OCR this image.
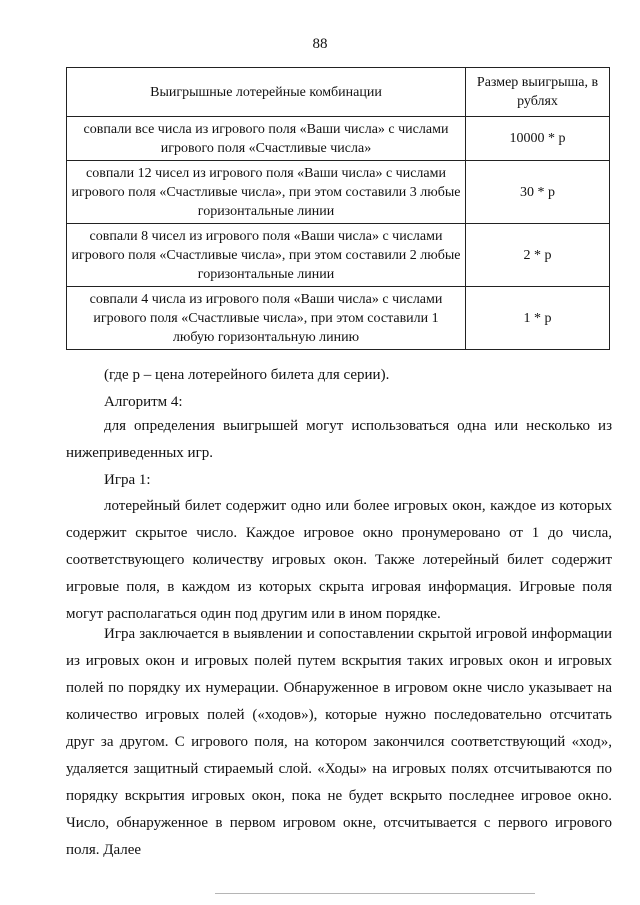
88
Выигрышные лотерейные комбинации	Размер выигрыша, в рублях
совпали все числа из игрового поля «Ваши числа» с числами игрового поля «Счастливые числа»	10000 * р
совпали 12 чисел из игрового поля «Ваши числа» с числами игрового поля «Счастливые числа», при этом составили 3 любые горизонтальные линии	30 * р
совпали 8 чисел из игрового поля «Ваши числа» с числами игрового поля «Счастливые числа», при этом составили 2 любые горизонтальные линии	2 * р
совпали 4 числа из игрового поля «Ваши числа» с числами игрового поля «Счастливые числа», при этом составили 1 любую горизонтальную линию	1 * р

(где р – цена лотерейного билета для серии).

Алгоритм 4:

для определения выигрышей могут использоваться одна или несколько из нижеприведенных игр.

Игра 1:

лотерейный билет содержит одно или более игровых окон, каждое из которых содержит скрытое число. Каждое игровое окно пронумеровано от 1 до числа, соответствующего количеству игровых окон. Также лотерейный билет содержит игровые поля, в каждом из которых скрыта игровая информация. Игровые поля могут располагаться один под другим или в ином порядке.

Игра заключается в выявлении и сопоставлении скрытой игровой информации из игровых окон и игровых полей путем вскрытия таких игровых окон и игровых полей по порядку их нумерации. Обнаруженное в игровом окне число указывает на количество игровых полей («ходов»), которые нужно последовательно отсчитать друг за другом. С игрового поля, на котором закончился соответствующий «ход», удаляется защитный стираемый слой. «Ходы» на игровых полях отсчитываются по порядку вскрытия игровых окон, пока не будет вскрыто последнее игровое окно. Число, обнаруженное в первом игровом окне, отсчитывается с первого игрового поля. Далее
